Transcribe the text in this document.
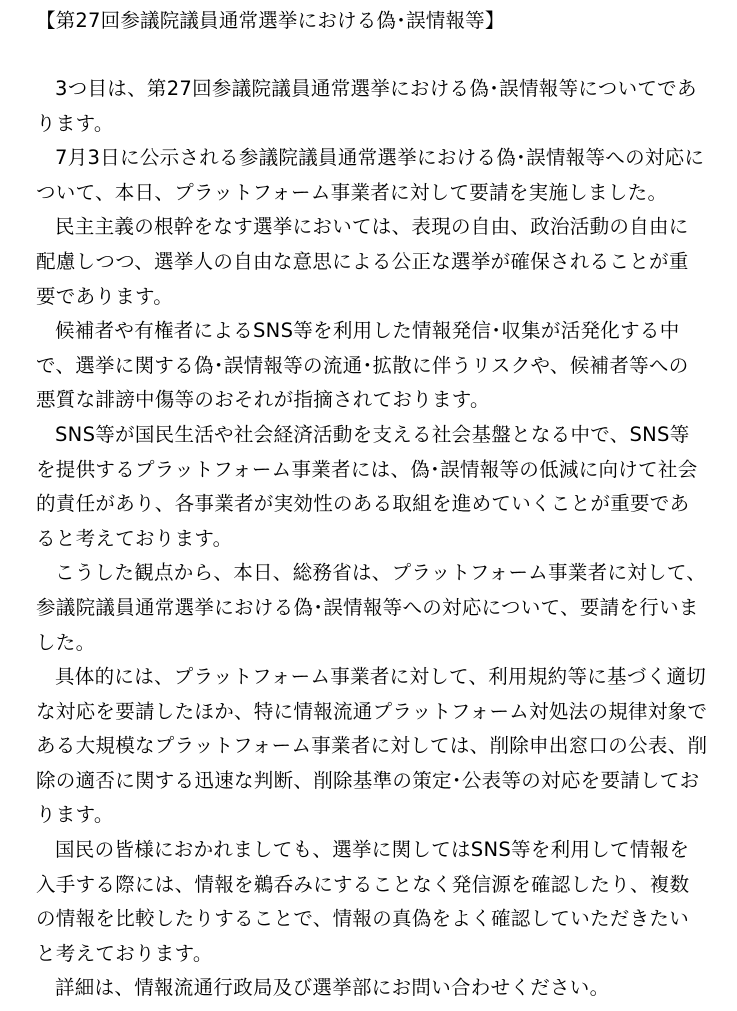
【第27回参議院議員通常選挙における偽･誤情報等】

3つ目は、第27回参議院議員通常選挙における偽･誤情報等についてであります。

7月3日に公示される参議院議員通常選挙における偽･誤情報等への対応について、本日、プラットフォーム事業者に対して要請を実施しました。

民主主義の根幹をなす選挙においては、表現の自由、政治活動の自由に配慮しつつ、選挙人の自由な意思による公正な選挙が確保されることが重要であります。

候補者や有権者によるSNS等を利用した情報発信･収集が活発化する中で、選挙に関する偽･誤情報等の流通･拡散に伴うリスクや、候補者等への悪質な誹謗中傷等のおそれが指摘されております。

SNS等が国民生活や社会経済活動を支える社会基盤となる中で、SNS等を提供するプラットフォーム事業者には、偽･誤情報等の低減に向けて社会的責任があり、各事業者が実効性のある取組を進めていくことが重要であると考えております。

こうした観点から、本日、総務省は、プラットフォーム事業者に対して、参議院議員通常選挙における偽･誤情報等への対応について、要請を行いました。

具体的には、プラットフォーム事業者に対して、利用規約等に基づく適切な対応を要請したほか、特に情報流通プラットフォーム対処法の規律対象である大規模なプラットフォーム事業者に対しては、削除申出窓口の公表、削除の適否に関する迅速な判断、削除基準の策定･公表等の対応を要請しております。

国民の皆様におかれましても、選挙に関してはSNS等を利用して情報を入手する際には、情報を鵜呑みにすることなく発信源を確認したり、複数の情報を比較したりすることで、情報の真偽をよく確認していただきたいと考えております。

詳細は、情報流通行政局及び選挙部にお問い合わせください。
